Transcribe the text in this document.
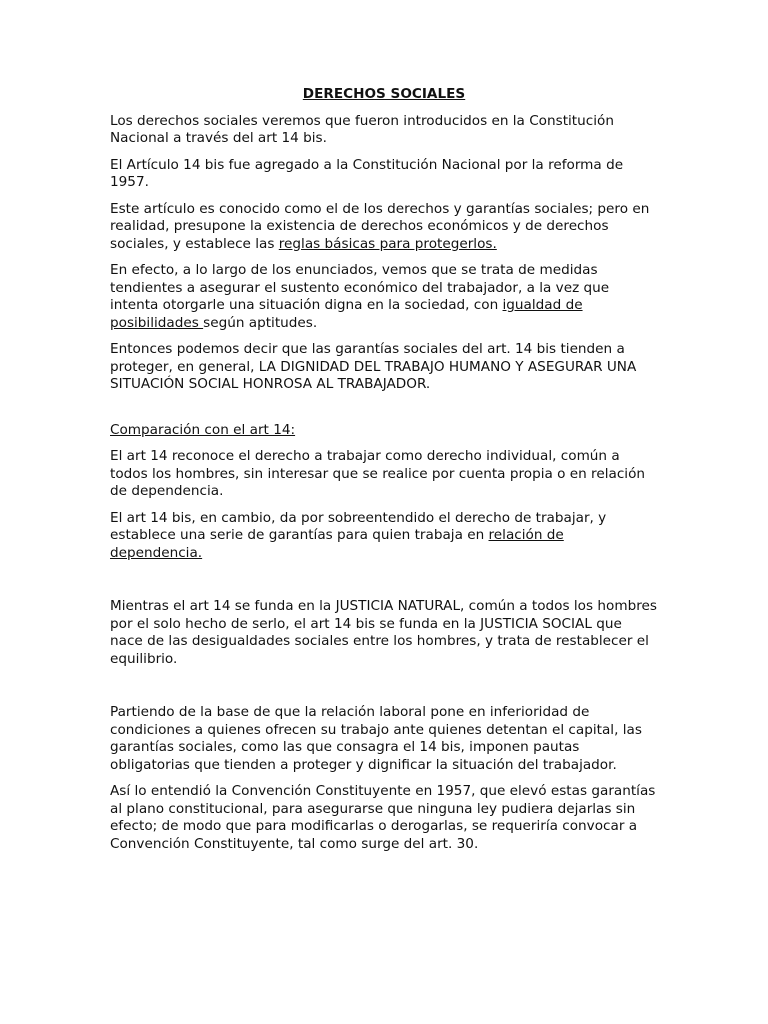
DERECHOS SOCIALES

Los derechos sociales veremos que fueron introducidos en la Constitución Nacional a través del art 14 bis.

El Artículo 14 bis fue agregado a la Constitución Nacional por la reforma de 1957.

Este artículo es conocido como el de los derechos y garantías sociales; pero en realidad, presupone la existencia de derechos económicos y de derechos sociales, y establece las reglas básicas para protegerlos.

En efecto, a lo largo de los enunciados, vemos que se trata de medidas tendientes a asegurar el sustento económico del trabajador, a la vez que intenta otorgarle una situación digna en la sociedad, con igualdad de posibilidades según aptitudes.

Entonces podemos decir que las garantías sociales del art. 14 bis tienden a proteger, en general, LA DIGNIDAD DEL TRABAJO HUMANO Y ASEGURAR UNA SITUACIÓN SOCIAL HONROSA AL TRABAJADOR.

Comparación con el art 14:

El art 14 reconoce el derecho a trabajar como derecho individual, común a todos los hombres, sin interesar que se realice por cuenta propia o en relación de dependencia.

El art 14 bis, en cambio, da por sobreentendido el derecho de trabajar, y establece una serie de garantías para quien trabaja en relación de dependencia.

Mientras el art 14 se funda en la JUSTICIA NATURAL, común a todos los hombres por el solo hecho de serlo, el art 14 bis se funda en la JUSTICIA SOCIAL que nace de las desigualdades sociales entre los hombres, y trata de restablecer el equilibrio.

Partiendo de la base de que la relación laboral pone en inferioridad de condiciones a quienes ofrecen su trabajo ante quienes detentan el capital, las garantías sociales, como las que consagra el 14 bis, imponen pautas obligatorias que tienden a proteger y dignificar la situación del trabajador.

Así lo entendió la Convención Constituyente en 1957, que elevó estas garantías al plano constitucional, para asegurarse que ninguna ley pudiera dejarlas sin efecto; de modo que para modificarlas o derogarlas, se requeriría convocar a Convención Constituyente, tal como surge del art. 30.
